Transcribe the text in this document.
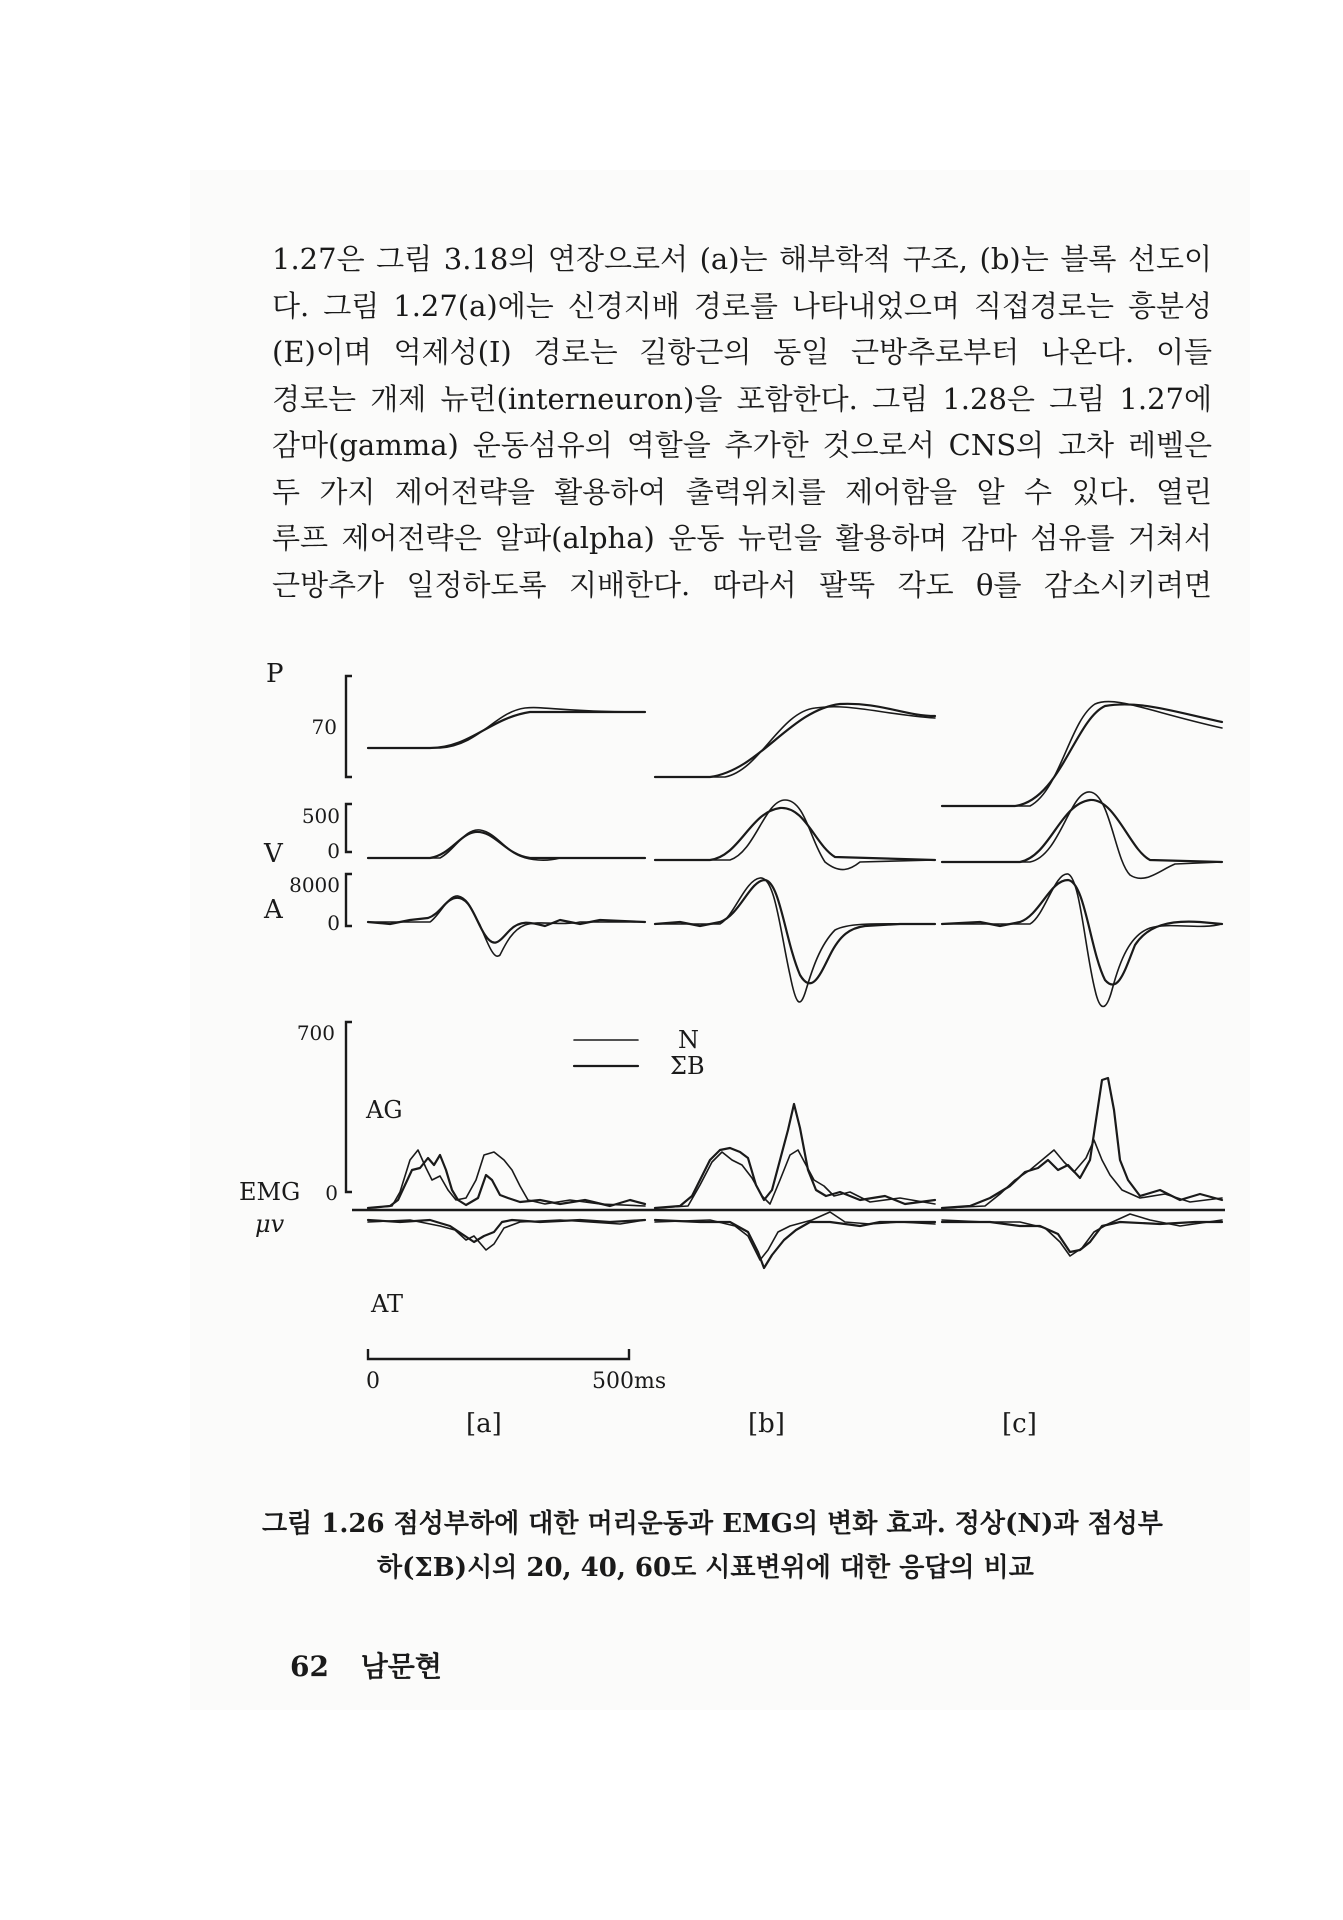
1.27은 그림 3.18의 연장으로서 (a)는 해부학적 구조, (b)는 블록 선도이
다. 그림 1.27(a)에는 신경지배 경로를 나타내었으며 직접경로는 흥분성
(E)이며 억제성(I) 경로는 길항근의 동일 근방추로부터 나온다. 이들
경로는 개제 뉴런(interneuron)을 포함한다. 그림 1.28은 그림 1.27에
감마(gamma) 운동섬유의 역할을 추가한 것으로서 CNS의 고차 레벨은
두 가지 제어전략을 활용하여 출력위치를 제어함을 알 수 있다. 열린
루프 제어전략은 알파(alpha) 운동 뉴런을 활용하며 감마 섬유를 거쳐서
근방추가 일정하도록 지배한다. 따라서 팔뚝 각도 θ를 감소시키려면
P
70
500
0
V
8000
0
A
700	N
ΣB
AG
EMG 0
μv
AT
0	500ms
[a]	[b]	[c]
그림 1.26 점성부하에 대한 머리운동과 EMG의 변화 효과. 정상(N)과 점성부
하(ΣB)시의 20, 40, 60도 시표변위에 대한 응답의 비교
62 남문현
